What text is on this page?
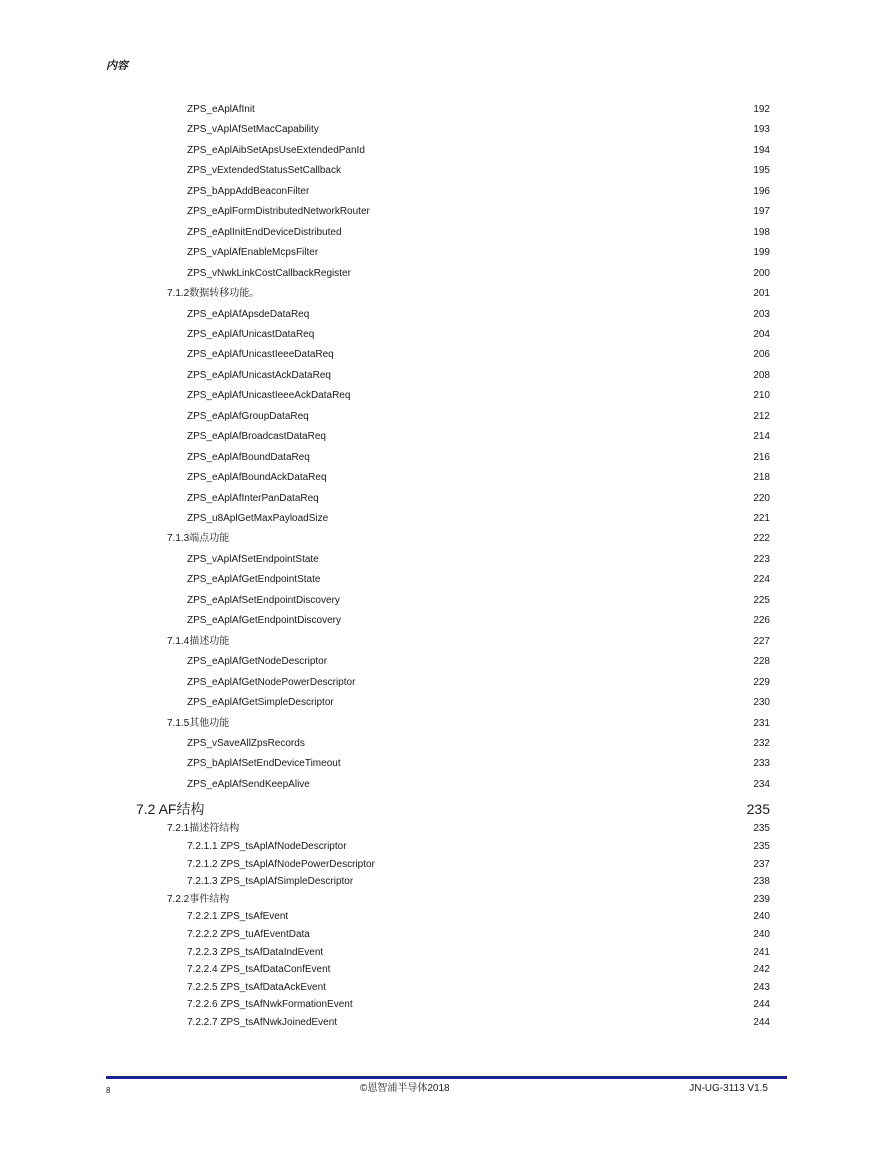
内容
ZPS_eAplAfInit	192
ZPS_vAplAfSetMacCapability	193
ZPS_eAplAibSetApsUseExtendedPanId	194
ZPS_vExtendedStatusSetCallback	195
ZPS_bAppAddBeaconFilter	196
ZPS_eAplFormDistributedNetworkRouter	197
ZPS_eAplInitEndDeviceDistributed	198
ZPS_vAplAfEnableMcpsFilter	199
ZPS_vNwkLinkCostCallbackRegister	200
7.1.2数据转移功能。	201
ZPS_eAplAfApsdeDataReq	203
ZPS_eAplAfUnicastDataReq	204
ZPS_eAplAfUnicastIeeeDataReq	206
ZPS_eAplAfUnicastAckDataReq	208
ZPS_eAplAfUnicastIeeeAckDataReq	210
ZPS_eAplAfGroupDataReq	212
ZPS_eAplAfBroadcastDataReq	214
ZPS_eAplAfBoundDataReq	216
ZPS_eAplAfBoundAckDataReq	218
ZPS_eAplAfInterPanDataReq	220
ZPS_u8AplGetMaxPayloadSize	221
7.1.3端点功能	222
ZPS_vAplAfSetEndpointState	223
ZPS_eAplAfGetEndpointState	224
ZPS_eAplAfSetEndpointDiscovery	225
ZPS_eAplAfGetEndpointDiscovery	226
7.1.4描述功能	227
ZPS_eAplAfGetNodeDescriptor	228
ZPS_eAplAfGetNodePowerDescriptor	229
ZPS_eAplAfGetSimpleDescriptor	230
7.1.5其他功能	231
ZPS_vSaveAllZpsRecords	232
ZPS_bAplAfSetEndDeviceTimeout	233
ZPS_eAplAfSendKeepAlive	234
7.2 AF结构	235
7.2.1描述符结构	235
7.2.1.1 ZPS_tsAplAfNodeDescriptor	235
7.2.1.2 ZPS_tsAplAfNodePowerDescriptor	237
7.2.1.3 ZPS_tsAplAfSimpleDescriptor	238
7.2.2事件结构	239
7.2.2.1 ZPS_tsAfEvent	240
7.2.2.2 ZPS_tuAfEventData	240
7.2.2.3 ZPS_tsAfDataIndEvent	241
7.2.2.4 ZPS_tsAfDataConfEvent	242
7.2.2.5 ZPS_tsAfDataAckEvent	243
7.2.2.6 ZPS_tsAfNwkFormationEvent	244
7.2.2.7 ZPS_tsAfNwkJoinedEvent	244
8	©恩智浦半导体2018	JN-UG-3113 V1.5
